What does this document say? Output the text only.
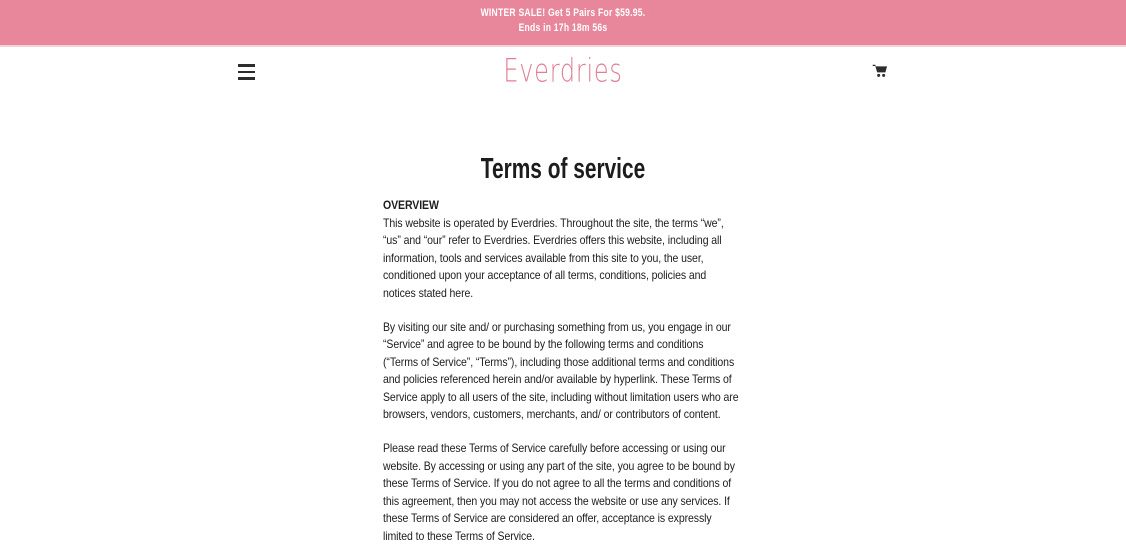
WINTER SALE! Get 5 Pairs For $59.95.
Ends in 17h 18m 56s
Everdries
Terms of service

OVERVIEW
This website is operated by Everdries. Throughout the site, the terms “we”, “us” and “our” refer to Everdries. Everdries offers this website, including all information, tools and services available from this site to you, the user, conditioned upon your acceptance of all terms, conditions, policies and notices stated here.

By visiting our site and/ or purchasing something from us, you engage in our “Service” and agree to be bound by the following terms and conditions (“Terms of Service”, “Terms”), including those additional terms and conditions and policies referenced herein and/or available by hyperlink. These Terms of Service apply to all users of the site, including without limitation users who are browsers, vendors, customers, merchants, and/ or contributors of content.

Please read these Terms of Service carefully before accessing or using our website. By accessing or using any part of the site, you agree to be bound by these Terms of Service. If you do not agree to all the terms and conditions of this agreement, then you may not access the website or use any services. If these Terms of Service are considered an offer, acceptance is expressly limited to these Terms of Service.
